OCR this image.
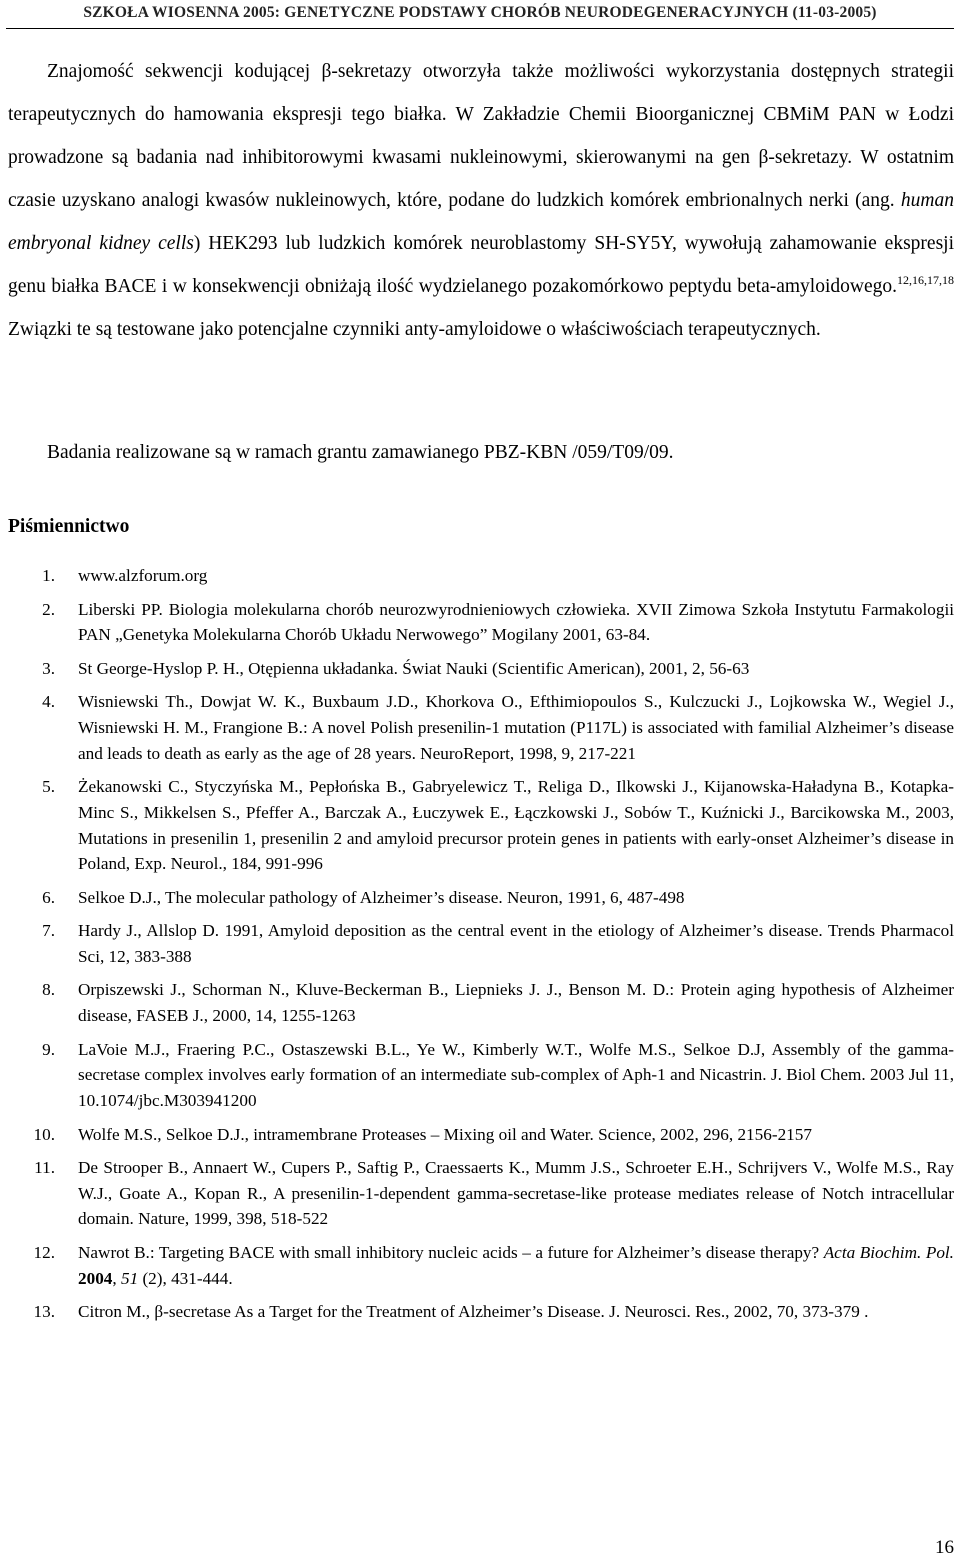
SZKOŁA WIOSENNA 2005: GENETYCZNE PODSTAWY CHORÓB NEURODEGENERACYJNYCH (11-03-2005)
Znajomość sekwencji kodującej β-sekretazy otworzyła także możliwości wykorzystania dostępnych strategii terapeutycznych do hamowania ekspresji tego białka. W Zakładzie Chemii Bioorganicznej CBMiM PAN w Łodzi prowadzone są badania nad inhibitorowymi kwasami nukleinowymi, skierowanymi na gen β-sekretazy. W ostatnim czasie uzyskano analogi kwasów nukleinowych, które, podane do ludzkich komórek embrionalnych nerki (ang. human embryonal kidney cells) HEK293 lub ludzkich komórek neuroblastomy SH-SY5Y, wywołują zahamowanie ekspresji genu białka BACE i w konsekwencji obniżają ilość wydzielanego pozakomórkowo peptydu beta-amyloidowego.$^{12,16,17,18}$ Związki te są testowane jako potencjalne czynniki anty-amyloidowe o właściwościach terapeutycznych.
Badania realizowane są w ramach grantu zamawianego PBZ-KBN /059/T09/09.
Piśmiennictwo
1. www.alzforum.org
2. Liberski PP. Biologia molekularna chorób neurozwyrodnieniowych człowieka. XVII Zimowa Szkoła Instytutu Farmakologii PAN „Genetyka Molekularna Chorób Układu Nerwowego” Mogilany 2001, 63-84.
3. St George-Hyslop P. H., Otępienna układanka. Świat Nauki (Scientific American), 2001, 2, 56-63
4. Wisniewski Th., Dowjat W. K., Buxbaum J.D., Khorkova O., Efthimiopoulos S., Kulczucki J., Lojkowska W., Wegiel J., Wisniewski H. M., Frangione B.: A novel Polish presenilin-1 mutation (P117L) is associated with familial Alzheimer’s disease and leads to death as early as the age of 28 years. NeuroReport, 1998, 9, 217-221
5. Żekanowski C., Styczyńska M., Pepłońska B., Gabryelewicz T., Religa D., Ilkowski J., Kijanowska-Haładyna B., Kotapka-Minc S., Mikkelsen S., Pfeffer A., Barczak A., Łuczywek E., Łączkowski J., Sobów T., Kuźnicki J., Barcikowska M., 2003, Mutations in presenilin 1, presenilin 2 and amyloid precursor protein genes in patients with early-onset Alzheimer’s disease in Poland, Exp. Neurol., 184, 991-996
6. Selkoe D.J., The molecular pathology of Alzheimer’s disease. Neuron, 1991, 6, 487-498
7. Hardy J., Allslop D. 1991, Amyloid deposition as the central event in the etiology of Alzheimer’s disease. Trends Pharmacol Sci, 12, 383-388
8. Orpiszewski J., Schorman N., Kluve-Beckerman B., Liepnieks J. J., Benson M. D.: Protein aging hypothesis of Alzheimer disease, FASEB J., 2000, 14, 1255-1263
9. LaVoie M.J., Fraering P.C., Ostaszewski B.L., Ye W., Kimberly W.T., Wolfe M.S., Selkoe D.J, Assembly of the gamma-secretase complex involves early formation of an intermediate sub-complex of Aph-1 and Nicastrin. J. Biol Chem. 2003 Jul 11, 10.1074/jbc.M303941200
10. Wolfe M.S., Selkoe D.J., intramembrane Proteases – Mixing oil and Water. Science, 2002, 296, 2156-2157
11. De Strooper B., Annaert W., Cupers P., Saftig P., Craessaerts K., Mumm J.S., Schroeter E.H., Schrijvers V., Wolfe M.S., Ray W.J., Goate A., Kopan R., A presenilin-1-dependent gamma-secretase-like protease mediates release of Notch intracellular domain. Nature, 1999, 398, 518-522
12. Nawrot B.: Targeting BACE with small inhibitory nucleic acids – a future for Alzheimer’s disease therapy? Acta Biochim. Pol. 2004, 51 (2), 431-444.
13. Citron M., β-secretase As a Target for the Treatment of Alzheimer’s Disease. J. Neurosci. Res., 2002, 70, 373-379 .
16
